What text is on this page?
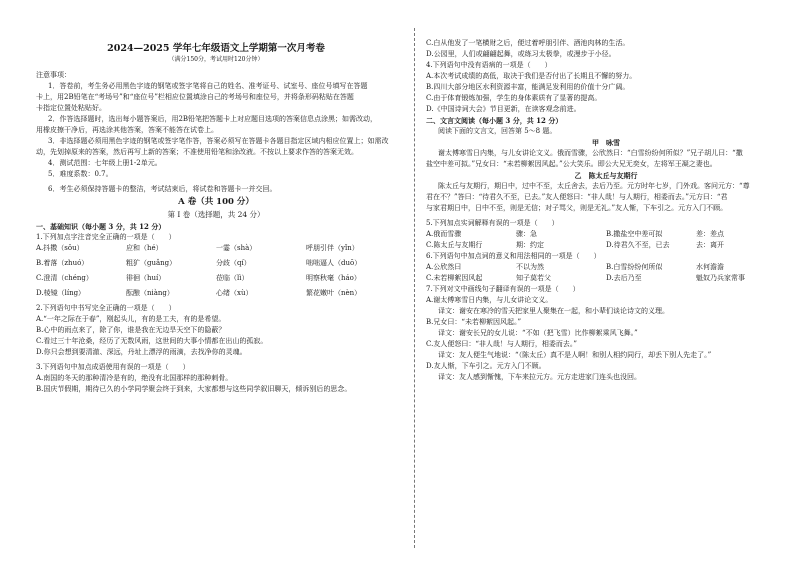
2024—2025 学年七年级语文上学期第一次月考卷
（满分150分，考试用时120分钟）
注意事项：
1．答卷前，考生务必用黑色字迹的钢笔或签字笔将自己的姓名、准考证号、试室号、座位号填写在答题
卡上，用2B铅笔在“考场号”和“座位号”栏相应位置填涂自己的考场号和座位号，并将条形码粘贴在答题
卡指定位置处粘贴好。
2．作答选择题时，选出每小题答案后，用2B铅笔把答题卡上对应题目选项的答案信息点涂黑；如需改动，
用橡皮擦干净后，再选涂其他答案，答案不能答在试卷上。
3．非选择题必须用黑色字迹的钢笔或签字笔作答，答案必须写在答题卡各题目指定区域内相应位置上；如需改
动，先划掉原来的答案，然后再写上新的答案；不准使用铅笔和涂改液。不按以上要求作答的答案无效。
4．测试范围：七年级上册1-2单元。
5．难度系数：0.7。
6．考生必须保持答题卡的整洁，考试结束后，将试卷和答题卡一并交回。
A 卷（共 100 分）
第 I 卷（选择题，共 24 分）
一、基础知识（每小题 3 分，共 12 分）
1.下列加点字注音完全正确的一项是（　　）
A.抖擞（sǒu）	应和（hé）	一霎（shà）	呼朋引伴（yǐn）
B.着落（zhuó）	粗犷（guǎng）	分歧（qí）	咄咄逼人（duō）
C.澄清（chéng）	徘徊（huí）	莅临（lì）	明察秋毫（háo）
D.棱镜（líng）	酝酿（niàng）	心绪（xù）	繁花嫩叶（nèn）
2.下列语句中书写完全正确的一项是（　　）
A.“一年之际在于春”，刚起头儿，有的是工夫，有的是希望。
B.心中的雨点来了，除了你，谁是我在无边旱天空下的隐蔽？
C.看过三十年沧桑，经历了无数风雨，这世间的大事小情都在出山的孤寂。
D.你只会想到要清澈、深远，丹址上漂浮的雨滴，去找净你的灵魂。
3.下列语句中加点成语使用有误的一项是（　　）
A.南国的冬天的那种清冷是有的，绝没有北国那样的那种刺骨。
B.国庆节假期，期待已久的小学同学聚会终于到来，大家都想与这些同学叙旧聊天，倾诉别后的思念。
C.白从他发了一笔横财之后，便过着呼朋引伴、酒池肉林的生活。
D.公园里，人们或翩翩起舞，或练习太极拳，或漫步于小径。
4.下列语句中没有语病的一项是（　　）
A.本次考试成绩的高低，取决于我们是否付出了长期且不懈的努力。
B.四川大部分地区水利资源丰富，能满足发利用的价值十分广阔。
C.由于体育锻炼加强，学生的身体素质有了显著的提高。
D.《中国诗词大会》节目更新，在读客观念前进。
二、文言文阅读（每小题 3 分，共 12 分）
阅读下面的文言文，回答第 5～8 题。
甲　咏雪
谢太傅寒雪日内集，与儿女讲论文义。俄而雪骤，公欣然曰：“白雪纷纷何所似？”兄子胡儿曰：“撒
盐空中差可拟。”兄女曰：“未若柳絮因风起。”公大笑乐。即公大兄无奕女，左将军王凝之妻也。
乙　陈太丘与友期行
陈太丘与友期行，期日中，过中不至，太丘舍去，去后乃至。元方时年七岁，门外戏。客问元方：“尊
君在不？”答曰：“待君久不至，已去。”友人便怒曰：“非人哉！与人期行，相委而去。”元方曰：“君
与家君期日中，日中不至，则是无信；对子骂父，则是无礼。”友人惭，下车引之。元方入门不顾。
5.下列加点实词解释有误的一项是（　　）
A.俄而雪骤	骤：急	B.撒盐空中差可拟	差：差点
C.陈太丘与友期行	期：约定	D.待君久不至，已去	去：离开
6.下列语句中加点词的意义和用法相同的一项是（　　）
A.公欣然曰	不以为然	B.白雪纷纷何所似	水何澹澹
C.未若柳絮因风起	知子莫若父	D.去后乃至	魁奴乃兵家常事
7.下列对文中画线句子翻译有误的一项是（　　）
A.谢太傅寒雪日内集，与儿女讲论文义。
译文：谢安在寒冷的雪天把家里人聚集在一起，和小辈们谈论诗文的义理。
B.兄女曰：“未若柳絮因风起。”
译文：谢安长兄的女儿说：“不如（把飞雪）比作柳絮乘风飞舞。”
C.友人便怒曰：“非人哉！与人期行，相委而去。”
译文：友人便生气地说：“（陈太丘）真不是人啊！和别人相约同行，却丢下别人先走了。”
D.友人惭，下车引之。元方入门不顾。
译文：友人感到惭愧，下车来拉元方。元方走进家门连头也没回。
